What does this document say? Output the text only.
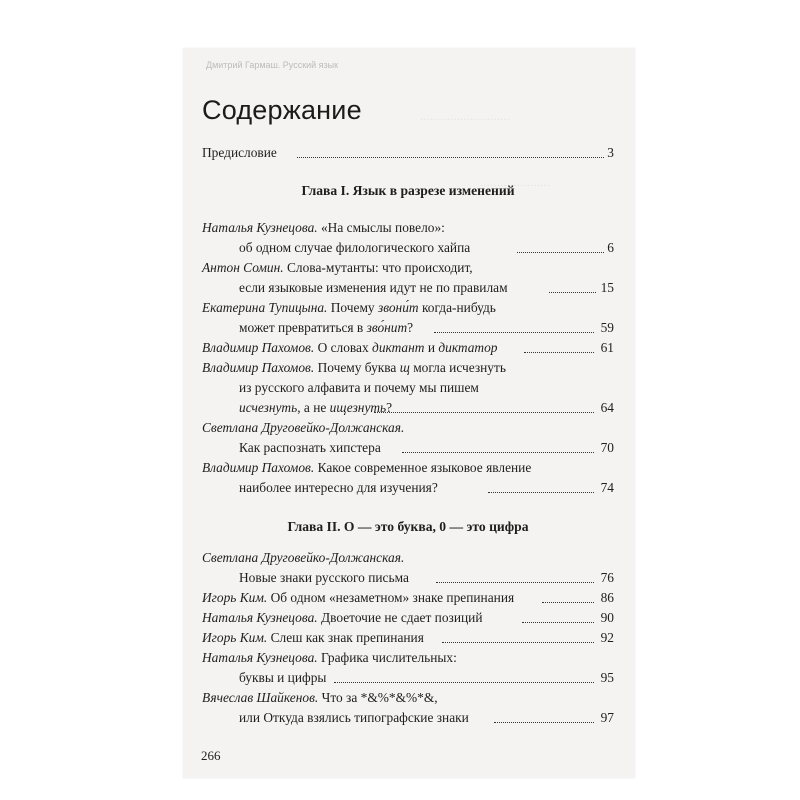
………………………
…………………
Дмитрий Гармаш. Русский язык
Содержание
Предисловие	3
Глава I. Язык в разрезе изменений
Наталья Кузнецова. «На смыслы повело»:
об одном случае филологического хайпа	6
Антон Сомин. Слова-мутанты: что происходит,
если языковые изменения идут не по правилам	15
Екатерина Тупицына. Почему звони́т когда-нибудь
может превратиться в зво́нит?	59
Владимир Пахомов. О словах диктант и диктатор	61
Владимир Пахомов. Почему буква щ могла исчезнуть
из русского алфавита и почему мы пишем
исчезнуть, а не ищезнуть?	64
Светлана Друговейко-Должанская.
Как распознать хипстера	70
Владимир Пахомов. Какое современное языковое явление
наиболее интересно для изучения?	74
Глава II. О — это буква, 0 — это цифра
Светлана Друговейко-Должанская.
Новые знаки русского письма	76
Игорь Ким. Об одном «незаметном» знаке препинания	86
Наталья Кузнецова. Двоеточие не сдает позиций	90
Игорь Ким. Слеш как знак препинания	92
Наталья Кузнецова. Графика числительных:
буквы и цифры	95
Вячеслав Шайкенов. Что за *&%*&%*&,
или Откуда взялись типографские знаки	97
266
